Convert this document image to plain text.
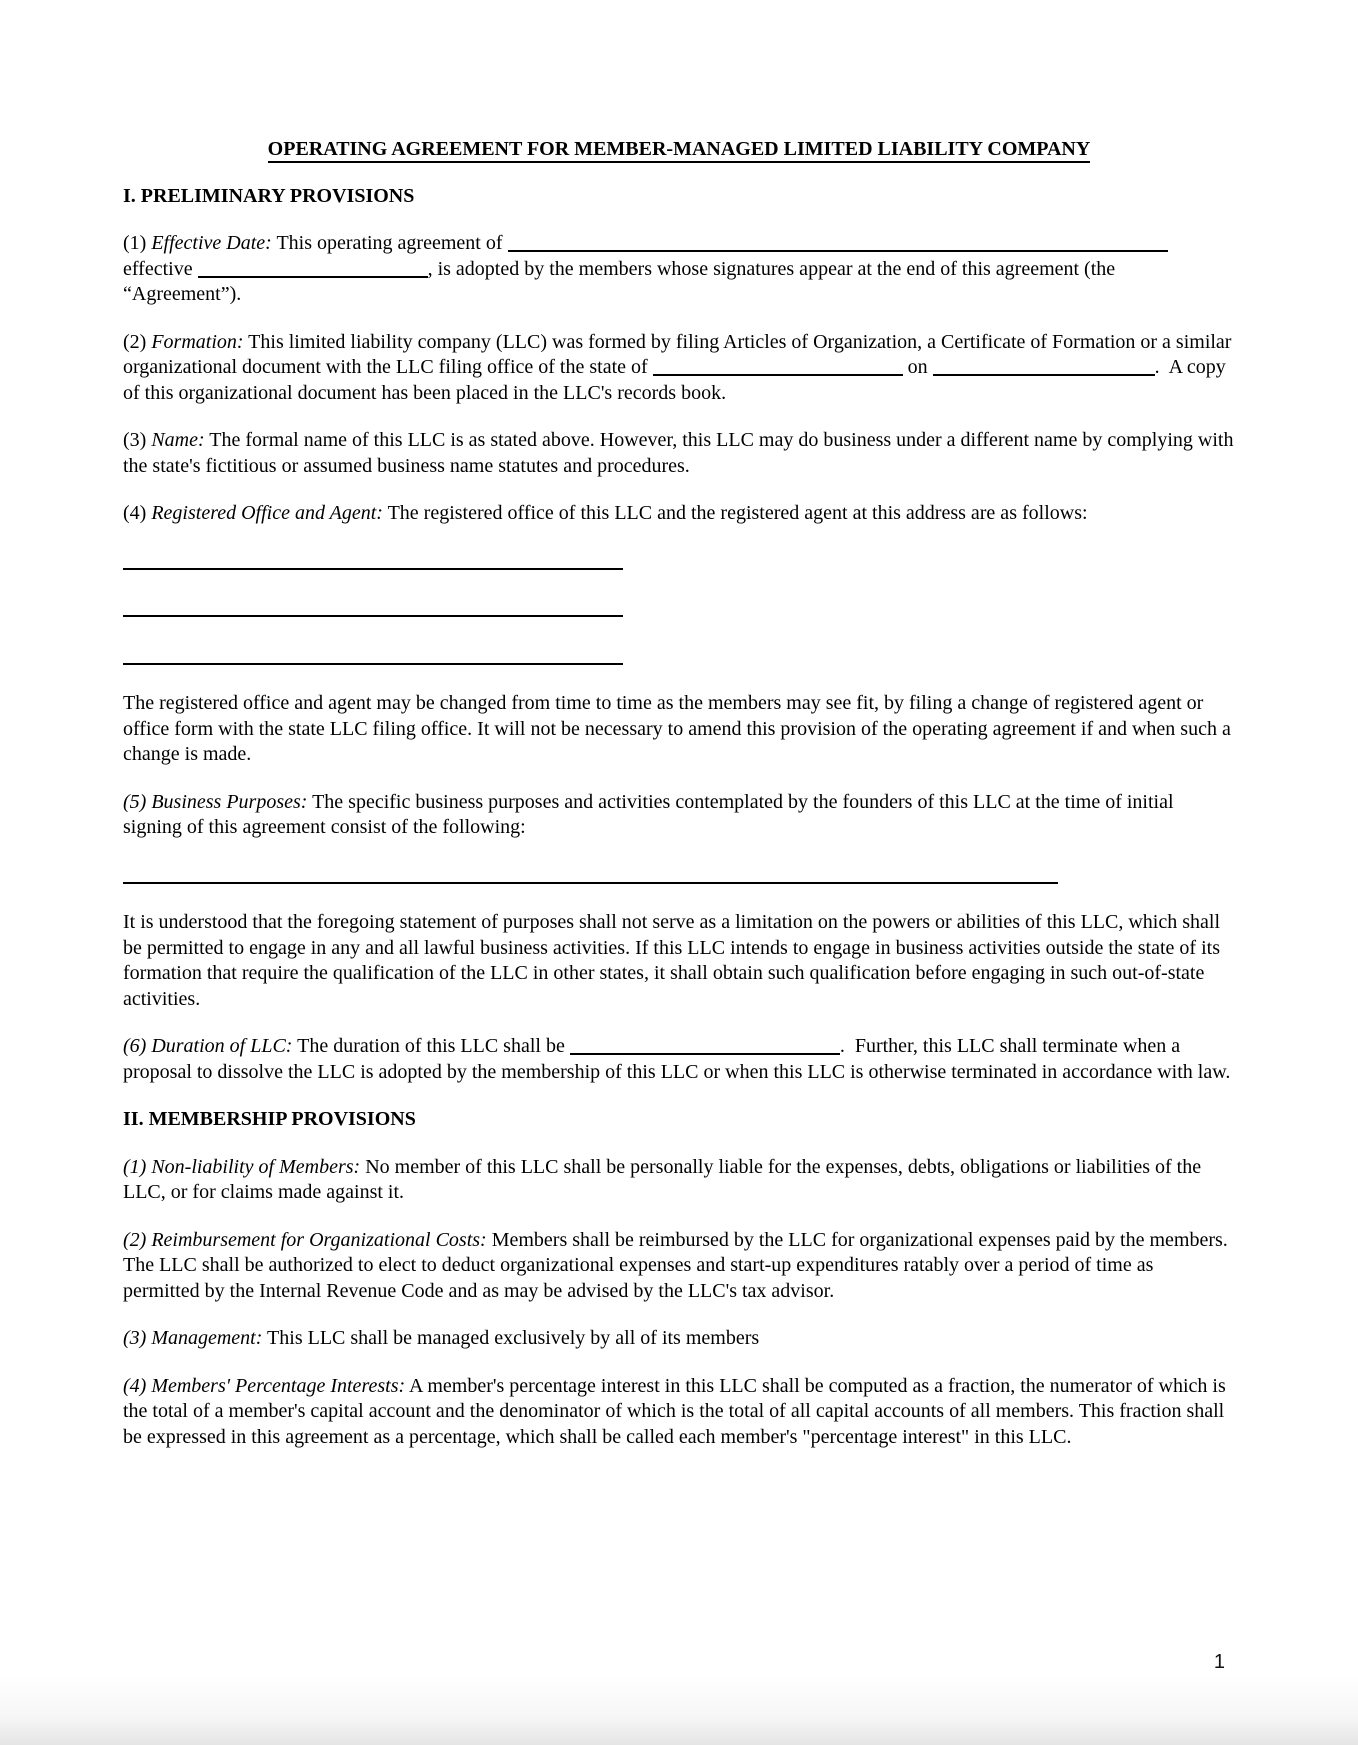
OPERATING AGREEMENT FOR MEMBER-MANAGED LIMITED LIABILITY COMPANY
I. PRELIMINARY PROVISIONS

(1) Effective Date: This operating agreement of  effective	, is adopted by the members whose signatures appear at the end of this agreement (the “Agreement”).

(2) Formation: This limited liability company (LLC) was formed by filing Articles of Organization, a Certificate of Formation or a similar organizational document with the LLC filing office of the state of	on	.  A copy of this organizational document has been placed in the LLC's records book.

(3) Name: The formal name of this LLC is as stated above. However, this LLC may do business under a different name by complying with the state's fictitious or assumed business name statutes and procedures.

(4) Registered Office and Agent: The registered office of this LLC and the registered agent at this address are as follows:

The registered office and agent may be changed from time to time as the members may see fit, by filing a change of registered agent or office form with the state LLC filing office. It will not be necessary to amend this provision of the operating agreement if and when such a change is made.

(5) Business Purposes: The specific business purposes and activities contemplated by the founders of this LLC at the time of initial signing of this agreement consist of the following:

It is understood that the foregoing statement of purposes shall not serve as a limitation on the powers or abilities of this LLC, which shall be permitted to engage in any and all lawful business activities. If this LLC intends to engage in business activities outside the state of its formation that require the qualification of the LLC in other states, it shall obtain such qualification before engaging in such out-of-state activities.

(6) Duration of LLC: The duration of this LLC shall be	.  Further, this LLC shall terminate when a proposal to dissolve the LLC is adopted by the membership of this LLC or when this LLC is otherwise terminated in accordance with law.

II. MEMBERSHIP PROVISIONS

(1) Non-liability of Members: No member of this LLC shall be personally liable for the expenses, debts, obligations or liabilities of the LLC, or for claims made against it.

(2) Reimbursement for Organizational Costs: Members shall be reimbursed by the LLC for organizational expenses paid by the members. The LLC shall be authorized to elect to deduct organizational expenses and start-up expenditures ratably over a period of time as permitted by the Internal Revenue Code and as may be advised by the LLC's tax advisor.

(3) Management: This LLC shall be managed exclusively by all of its members

(4) Members' Percentage Interests: A member's percentage interest in this LLC shall be computed as a fraction, the numerator of which is the total of a member's capital account and the denominator of which is the total of all capital accounts of all members. This fraction shall be expressed in this agreement as a percentage, which shall be called each member's "percentage interest" in this LLC.

1
